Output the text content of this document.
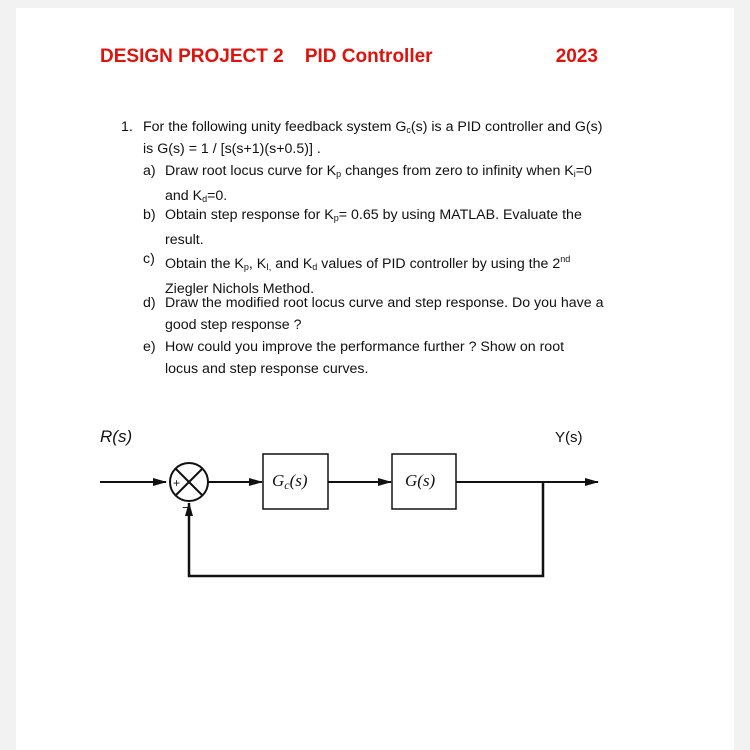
DESIGN PROJECT 2 PID Controller	2023
1. For the following unity feedback system $G_c(s)$ is a PID controller and G(s)
is G(s) = 1 / [s(s+1)(s+0.5)] .
a) Draw root locus curve for $K_p$ changes from zero to infinity when $K_i=0$
and $K_d=0$.
b) Obtain step response for $K_p= 0.65$ by using MATLAB. Evaluate the
result.
c) Obtain the $K_p$, $K_{I,}$ and $K_d$ values of PID controller by using the 2nd
Ziegler Nichols Method.
d) Draw the modified root locus curve and step response. Do you have a
good step response ?
e) How could you improve the performance further ? Show on root
locus and step response curves.
R(s)	Y(s)
+
−
Gc(s)	G(s)
